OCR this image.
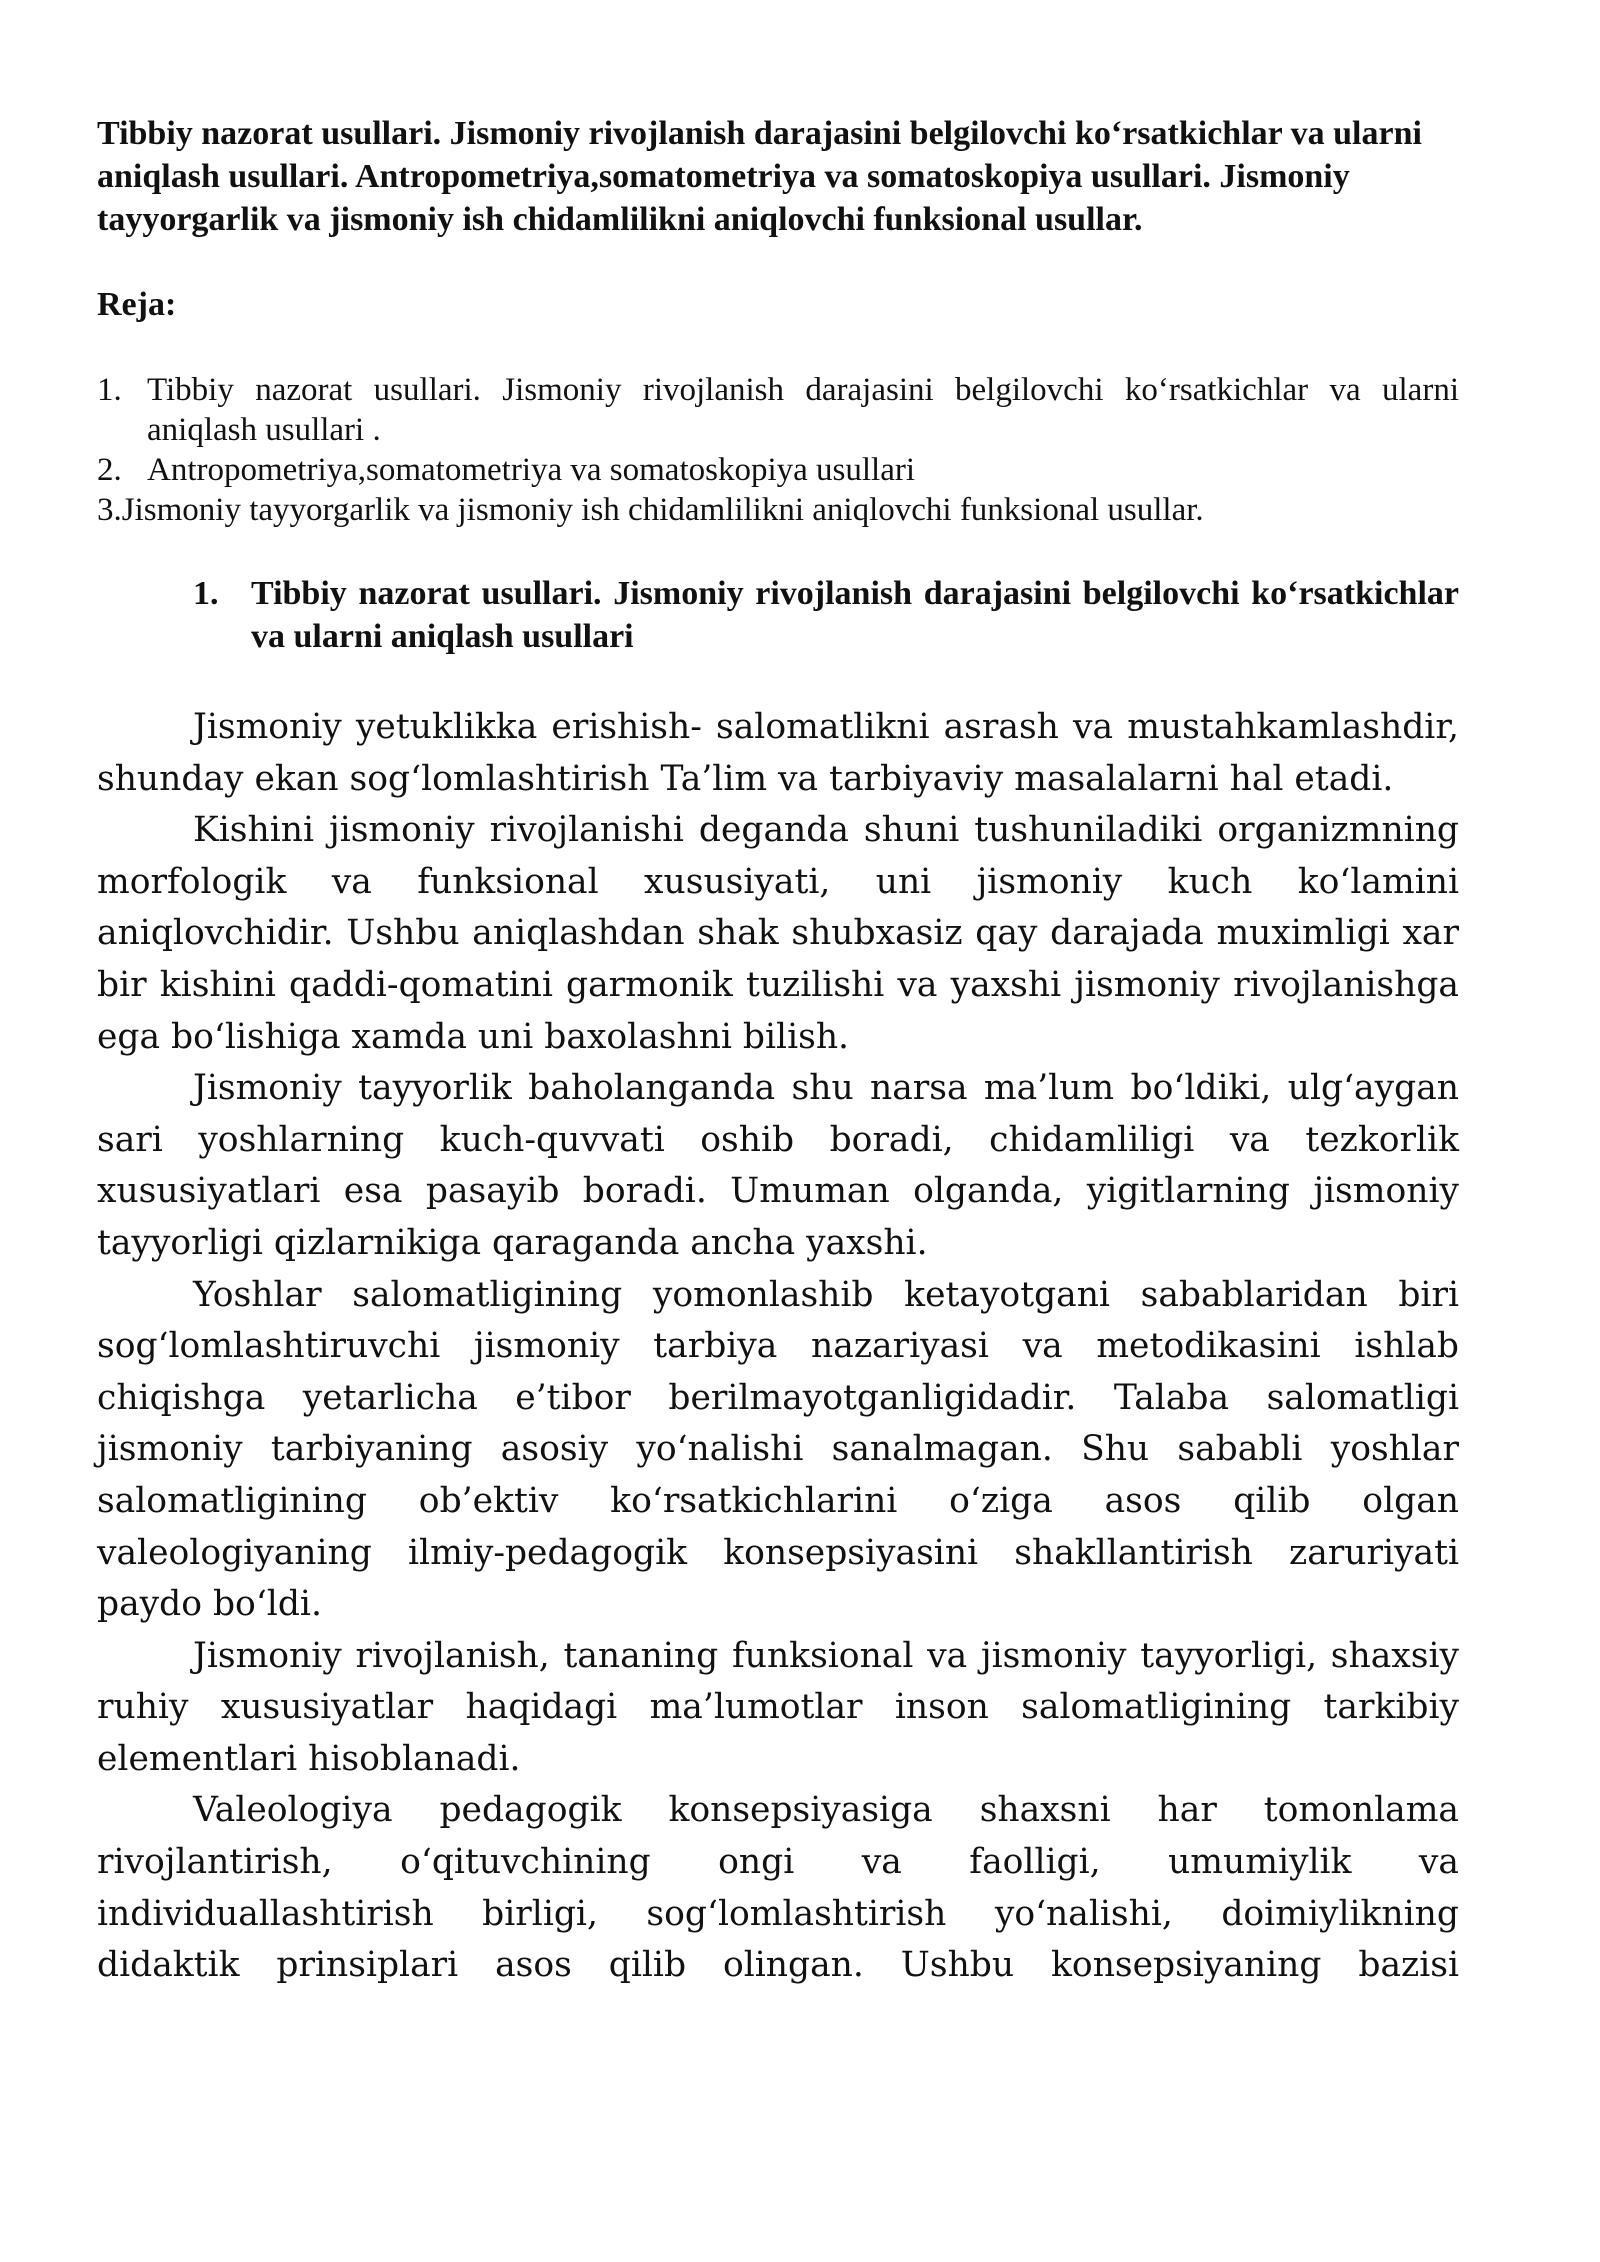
Tibbiy nazorat usullari. Jismoniy rivojlanish darajasini belgilovchi ko‘rsatkichlar va ularni aniqlash usullari. Antropometriya,somatometriya va somatoskopiya usullari. Jismoniy tayyorgarlik va jismoniy ish chidamlilikni aniqlovchi funksional usullar.

Reja:

1. Tibbiy nazorat usullari. Jismoniy rivojlanish darajasini belgilovchi ko‘rsatkichlar va ularni aniqlash usullari .
2. Antropometriya,somatometriya va somatoskopiya usullari
3.Jismoniy tayyorgarlik va jismoniy ish chidamlilikni aniqlovchi funksional usullar.
1. Tibbiy nazorat usullari. Jismoniy rivojlanish darajasini belgilovchi ko‘rsatkichlar va ularni aniqlash usullari

Jismoniy yetuklikka erishish- salomatlikni asrash va mustahkamlashdir, shunday ekan sog‘lomlashtirish Ta’lim va tarbiyaviy masalalarni hal etadi.

Kishini jismoniy rivojlanishi deganda shuni tushuniladiki organizmning morfologik va funksional xususiyati, uni jismoniy kuch ko‘lamini aniqlovchidir. Ushbu aniqlashdan shak shubxasiz qay darajada muximligi xar bir kishini qaddi-qomatini garmonik tuzilishi va yaxshi jismoniy rivojlanishga ega bo‘lishiga xamda uni baxolashni bilish.

Jismoniy tayyorlik baholanganda shu narsa ma’lum bo‘ldiki, ulg‘aygan sari yoshlarning kuch-quvvati oshib boradi, chidamliligi va tezkorlik xususiyatlari esa pasayib boradi. Umuman olganda, yigitlarning jismoniy tayyorligi qizlarnikiga qaraganda ancha yaxshi.

Yoshlar salomatligining yomonlashib ketayotgani sabablaridan biri sog‘lomlashtiruvchi jismoniy tarbiya nazariyasi va metodikasini ishlab chiqishga yetarlicha e’tibor berilmayotganligidadir. Talaba salomatligi jismoniy tarbiyaning asosiy yo‘nalishi sanalmagan. Shu sababli yoshlar salomatligining ob’ektiv ko‘rsatkichlarini o‘ziga asos qilib olgan valeologiyaning ilmiy-pedagogik konsepsiyasini shakllantirish zaruriyati paydo bo‘ldi.

Jismoniy rivojlanish, tananing funksional va jismoniy tayyorligi, shaxsiy ruhiy xususiyatlar haqidagi ma’lumotlar inson salomatligining tarkibiy elementlari hisoblanadi.

Valeologiya pedagogik konsepsiyasiga shaxsni har tomonlama rivojlantirish, o‘qituvchining ongi va faolligi, umumiylik va individuallashtirish birligi, sog‘lomlashtirish yo‘nalishi, doimiylikning didaktik prinsiplari asos qilib olingan. Ushbu konsepsiyaning bazisi
